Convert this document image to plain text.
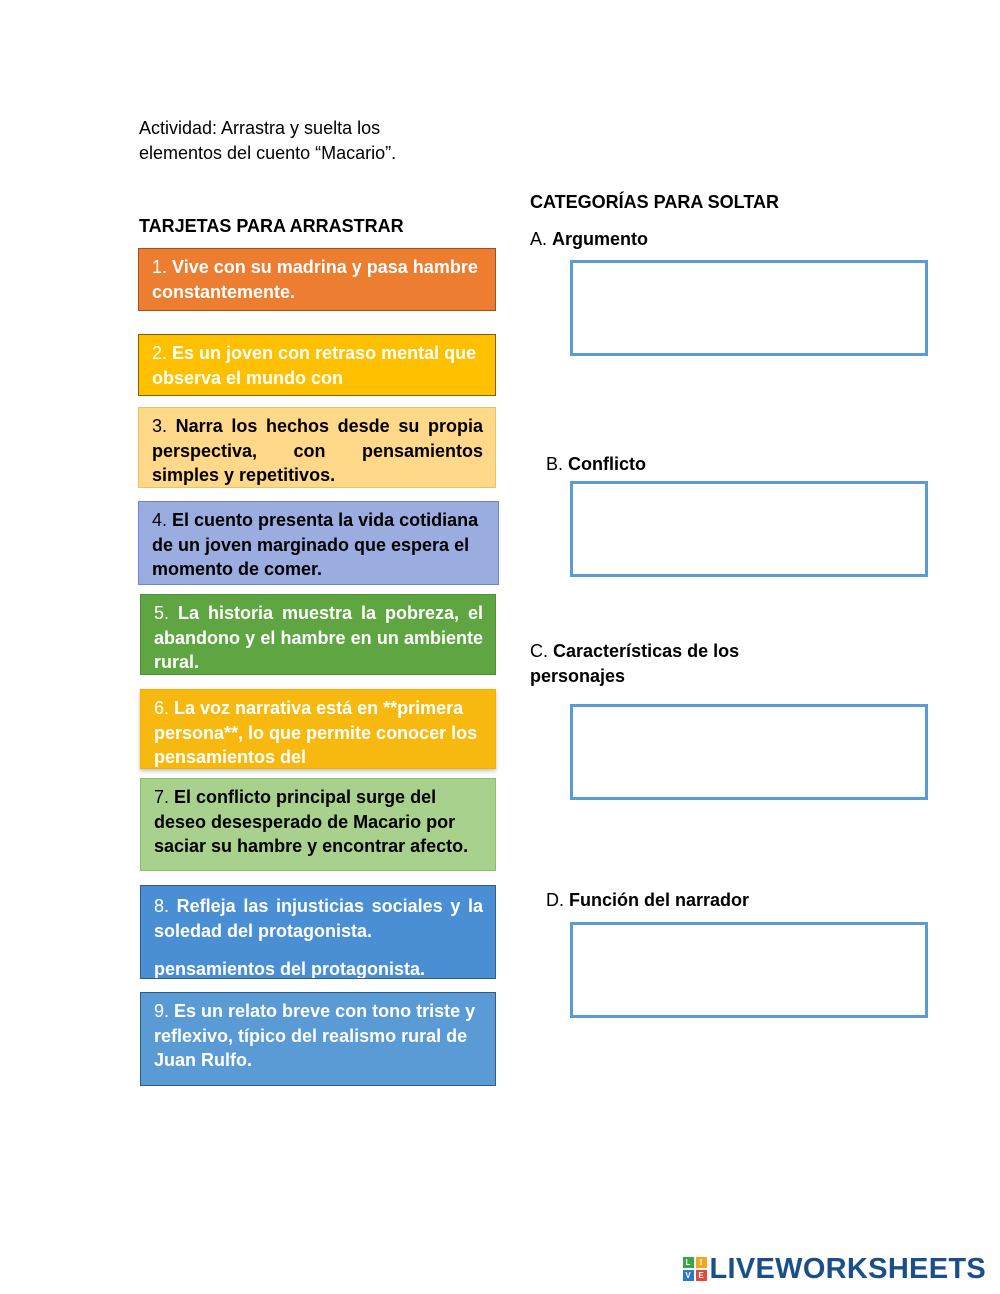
Actividad: Arrastra y suelta los elementos del cuento “Macario”.
TARJETAS PARA ARRASTRAR
CATEGORÍAS PARA SOLTAR
1. Vive con su madrina y pasa hambre constantemente.
2. Es un joven con retraso mental que observa el mundo con
3. Narra los hechos desde su propia perspectiva, con pensamientos simples y repetitivos.
4. El cuento presenta la vida cotidiana de un joven marginado que espera el momento de comer.
5. La historia muestra la pobreza, el abandono y el hambre en un ambiente rural.
6. La voz narrativa está en **primera persona**, lo que permite conocer los pensamientos del
7. El conflicto principal surge del deseo desesperado de Macario por saciar su hambre y encontrar afecto.
8. Refleja las injusticias sociales y la soledad del protagonista.
pensamientos del protagonista.
9. Es un relato breve con tono triste y reflexivo, típico del realismo rural de Juan Rulfo.
A. Argumento
B. Conflicto
C. Características de los personajes
D. Función del narrador
L	I
V E LIVEWORKSHEETS
